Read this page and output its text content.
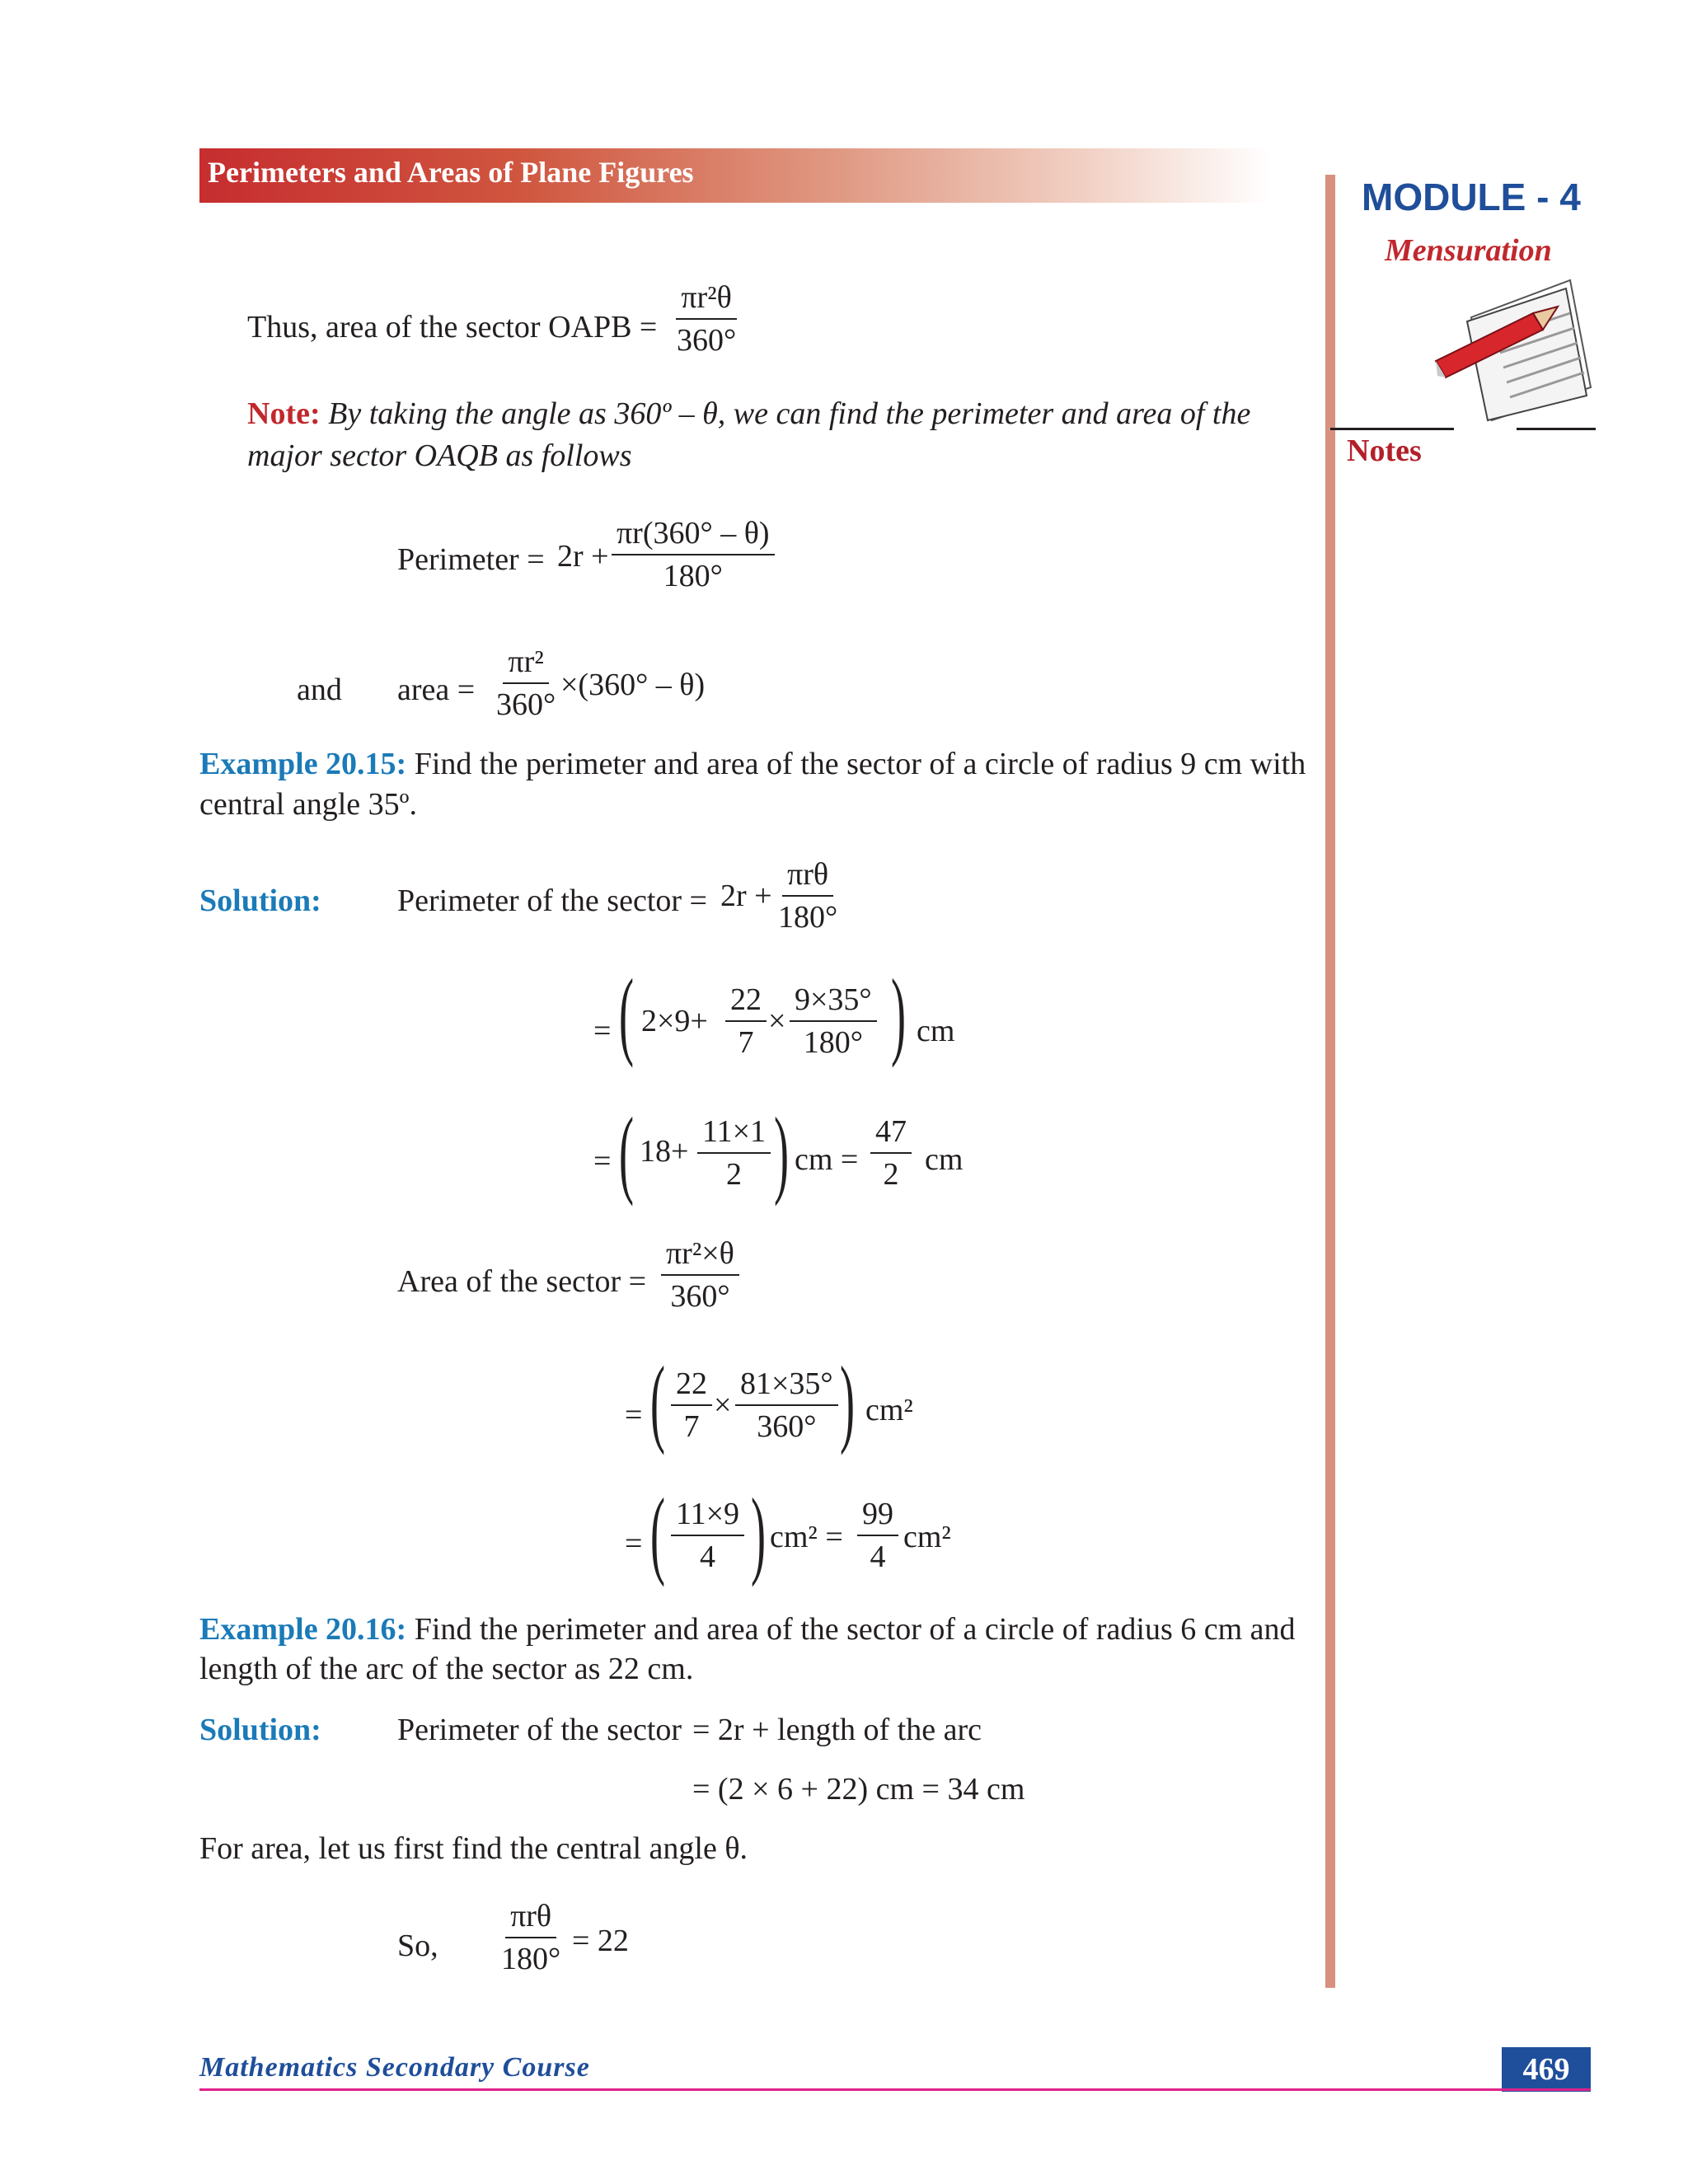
Perimeters and Areas of Plane Figures
MODULE - 4
Mensuration
Notes
Thus, area of the sector OAPB = $\frac{\text{πr²θ}}{360^\circ}$
Note: By taking the angle as 360º – θ, we can find the perimeter and area of the
major sector OAQB as follows
Perimeter = $2r + \frac{\pi r(360^\circ - \theta)}{180^\circ}$
and area = $\frac{\text{πr²}}{360^\circ} \times(360^\circ - \theta)$
Example 20.15: Find the perimeter and area of the sector of a circle of radius 9 cm with
central angle 35º.
Solution: Perimeter of the sector = 2r +
πrθ
180°
= ( $2\times 9+ \frac{22}{7} \times \frac{9\times 35^\circ}{180^\circ}$ ) cm
= ( $18+ \frac{11\times 1}{2}$ ) cm = $\frac{47}{2}$ cm
Area of the sector = $\frac{\text{πr²×θ}}{360^\circ}$
= ( $\frac{22}{7} \times \frac{81\times 35^\circ}{360^\circ}$ ) cm²
= ( $\frac{11\times 9}{4}$ ) $cm^2 = \frac{99}{4} cm^2$
Example 20.16: Find the perimeter and area of the sector of a circle of radius 6 cm and
length of the arc of the sector as 22 cm.
Solution: Perimeter of the sector = 2r + length of the arc
= (2 × 6 + 22) cm = 34 cm
For area, let us first find the central angle θ.
So,
πrθ
180°
= 22
Mathematics Secondary Course	469
